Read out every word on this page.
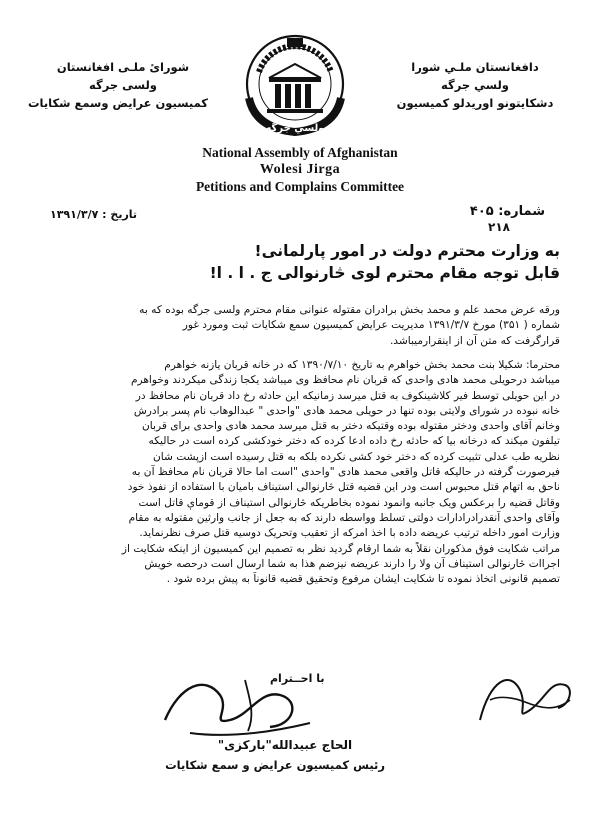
شورایٔ ملـی افغانستان
ولسی جرگه
کمیسیون عرایض وسمع شکایات
ولسي جرگه
دافغانستان ملـي شورا
ولسي جرگه
دشکایتونو اوریدلو کمیسیون
National Assembly of Afghanistan
Wolesi Jirga
Petitions and Complains Committee
تاریخ : ۱۳۹۱/۳/۷	شماره: ۴۰۵
۲۱۸
به وزارت محترم دولت در امور پارلمانی!
قابل توجه مقام محترم لوی څارنوالی ج . ا . ا!
ورقه عرض محمد علم و محمد بخش برادران مقتوله عنوانی مقام محترم ولسی جرگه بوده که به
شماره ( ۳۵۱) مورخ ۱۳۹۱/۳/۷ مدیریت عرایض کمیسیون سمع شکایات ثبت ومورد غور
قرارگرفت که متن آن از اینقرارمیباشد.
محترما: شکیلا بنت محمد بخش خواهرم به تاریخ ۱۳۹۰/۷/۱۰ که در خانه قربان یازنه خواهرم
میباشد درحویلی محمد هادی واحدی که قربان نام محافظ وی میباشد یکجا زندگی میکردند وخواهرم
در این حویلی توسط فیر کلاشینکوف به قتل میرسد زمانیکه این حادثه رخ داد قربان نام محافظ در
خانه نبوده در شورای ولایتی بوده تنها در حویلی محمد هادی "واحدی " عبدالوهاب نام پسر برادرش
وخانم آقای واحدی ودختر مقتوله بوده وقتیکه دختر به قتل میرسد محمد هادی واحدی برای قربان
تیلفون میکند که درخانه بیا که حادثه رخ داده ادعا کرده که دختر خودکشی کرده است در حالیکه
نظریه طب عدلی تثبیت کرده که دختر خود کشی نکرده بلکه به قتل رسیده است ازپشت شان
فیرصورت گرفته در حالیکه قاتل واقعی محمد هادی "واحدی "است اما حالا قربان نام محافظ آن به
ناحق به اتهام قتل محبوس است ودر این قضیه قتل څارنوالی استیناف بامیان با استفاده از نفوذ خود
وقاتل قضیه را برعکس ویک جانبه وانمود نموده بخاطریکه څارنوالی استیناف از قوماې قاتل است
وآقای واحدی آنقدرادرادارات دولتی تسلط وواسطه دارند که به جعل از جانب وارثین مقتوله به مقام
وزارت امور داخله ترتیب عریضه داده با اخذ امرکه از تعقیب وتحریک دوسیه قتل صرف نظرنماید.
مراتب شکایت فوق مذکوران نقلاً به شما ارقام گردید نظر به تصمیم این کمیسیون از اینکه شکایت از
اجراات څارنوالی استیناف آن ولا را دارند عریضه نیزضم هذا به شما ارسال است درحصه خویش
تصمیم قانونی اتخاذ نموده تا شکایت ایشان مرفوع وتحقیق قضیه قانوناً به پیش برده شود .
با احــترام
الحاج عبیدالله"بارکزی"
رئیس کمیسیون عرایض و سمع شکایات
